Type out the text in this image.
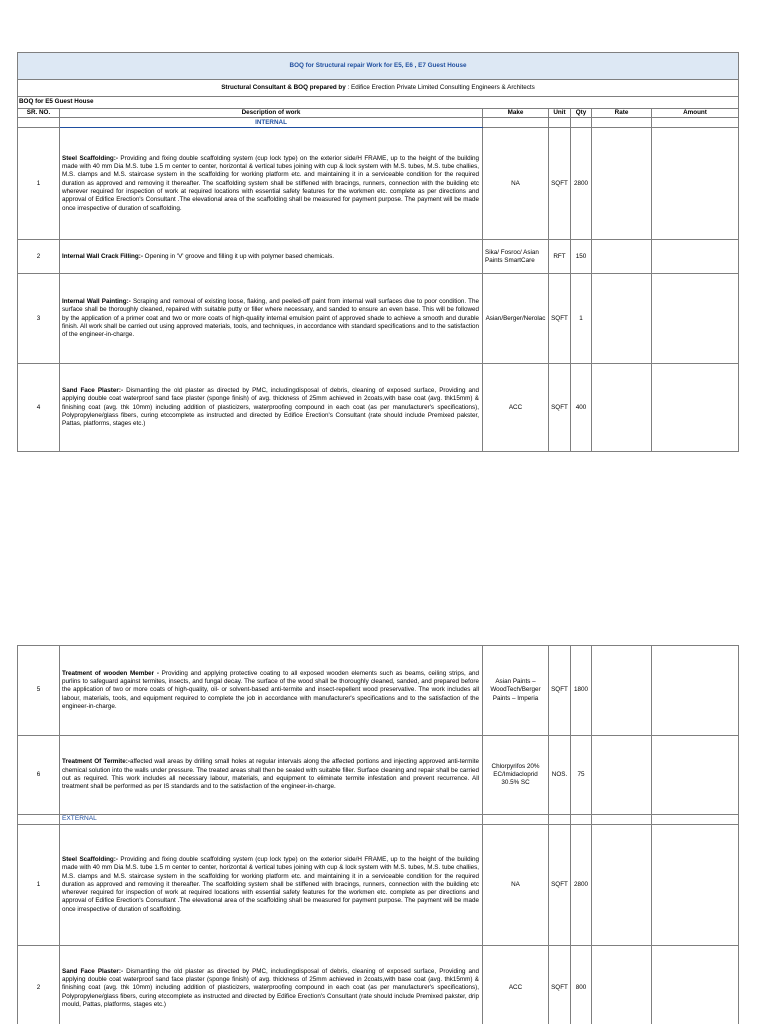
BOQ for Structural repair Work for E5, E6 , E7 Guest House						
Structural Consultant & BOQ prepared by : Edifice Erection Private Limited Consulting Engineers & Architects						
BOQ for E5 Guest House						
SR. NO.	Description of work	Make	Unit	Qty	Rate	Amount
	INTERNAL					
1	Steel Scaffolding:- Providing and fixing double scaffolding system (cup lock type) on the exterior side/H FRAME, up to the height of the building made with 40 mm Dia M.S. tube 1.5 m center to center, horizontal & vertical tubes joining with cup & lock system with M.S. tubes, M.S. tube challies, M.S. clamps and M.S. staircase system in the scaffolding for working platform etc. and maintaining it in a serviceable condition for the required duration as approved and removing it thereafter. The scaffolding system shall be stiffened with bracings, runners, connection with the building etc wherever required for inspection of work at required locations with essential safety features for the workmen etc. complete as per directions and approval of Edifice Erection's Consultant .The elevational area of the scaffolding shall be measured for payment purpose. The payment will be made once irrespective of duration of scaffolding.	NA	SQFT	2800		
2	Internal Wall Crack Filling:- Opening in 'V' groove and filling it up with polymer based chemicals.	Sika/ Fosroc/ Asian Paints SmartCare	RFT	150		
3	Internal Wall Painting:- Scraping and removal of existing loose, flaking, and peeled-off paint from internal wall surfaces due to poor condition. The surface shall be thoroughly cleaned, repaired with suitable putty or filler where necessary, and sanded to ensure an even base. This will be followed by the application of a primer coat and two or more coats of high-quality internal emulsion paint of approved shade to achieve a smooth and durable finish. All work shall be carried out using approved materials, tools, and techniques, in accordance with standard specifications and to the satisfaction of the engineer-in-charge.	Asian/Berger/Nerolac	SQFT	1		
4	Sand Face Plaster:- Dismantling the old plaster as directed by PMC, includingdisposal of debris, cleaning of exposed surface, Providing and applying double coat waterproof sand face plaster (sponge finish) of avg. thickness of 25mm achieved in 2coats,with base coat (avg. thk15mm) & finishing coat (avg. thk 10mm) including addition of plasticizers, waterproofing compound in each coat (as per manufacturer's specifications), Polypropylene/glass fibers, curing etccomplete as instructed and directed by Edifice Erection's Consultant (rate should include Premixed pakster, Pattas, platforms, stages etc.)	ACC	SQFT	400		
5	Treatment of wooden Member - Providing and applying protective coating to all exposed wooden elements such as beams, ceiling strips, and purlins to safeguard against termites, insects, and fungal decay. The surface of the wood shall be thoroughly cleaned, sanded, and prepared before the application of two or more coats of high-quality, oil- or solvent-based anti-termite and insect-repellent wood preservative. The work includes all labour, materials, tools, and equipment required to complete the job in accordance with manufacturer's specifications and to the satisfaction of the engineer-in-charge.	Asian Paints – WoodTech/Berger Paints – Imperia	SQFT	1800		
6	Treatment Of Termite:-affected wall areas by drilling small holes at regular intervals along the affected portions and injecting approved anti-termite chemical solution into the walls under pressure. The treated areas shall then be sealed with suitable filler. Surface cleaning and repair shall be carried out as required. This work includes all necessary labour, materials, and equipment to eliminate termite infestation and prevent recurrence. All treatment shall be performed as per IS standards and to the satisfaction of the engineer-in-charge.	Chlorpyrifos 20% EC/Imidacloprid 30.5% SC	NOS.	75		
	EXTERNAL					
1	Steel Scaffolding:- Providing and fixing double scaffolding system (cup lock type) on the exterior side/H FRAME, up to the height of the building made with 40 mm Dia M.S. tube 1.5 m center to center, horizontal & vertical tubes joining with cup & lock system with M.S. tubes, M.S. tube challies, M.S. clamps and M.S. staircase system in the scaffolding for working platform etc. and maintaining it in a serviceable condition for the required duration as approved and removing it thereafter. The scaffolding system shall be stiffened with bracings, runners, connection with the building etc wherever required for inspection of work at required locations with essential safety features for the workmen etc. complete as per directions and approval of Edifice Erection's Consultant .The elevational area of the scaffolding shall be measured for payment purpose. The payment will be made once irrespective of duration of scaffolding.	NA	SQFT	2800		
2	Sand Face Plaster:- Dismantling the old plaster as directed by PMC, includingdisposal of debris, cleaning of exposed surface, Providing and applying double coat waterproof sand face plaster (sponge finish) of avg. thickness of 25mm achieved in 2coats,with base coat (avg. thk15mm) & finishing coat (avg. thk 10mm) including addition of plasticizers, waterproofing compound in each coat (as per manufacturer's specifications), Polypropylene/glass fibers, curing etccomplete as instructed and directed by Edifice Erection's Consultant (rate should include Premixed pakster, drip mould, Pattas, platforms, stages etc.)	ACC	SQFT	800		
